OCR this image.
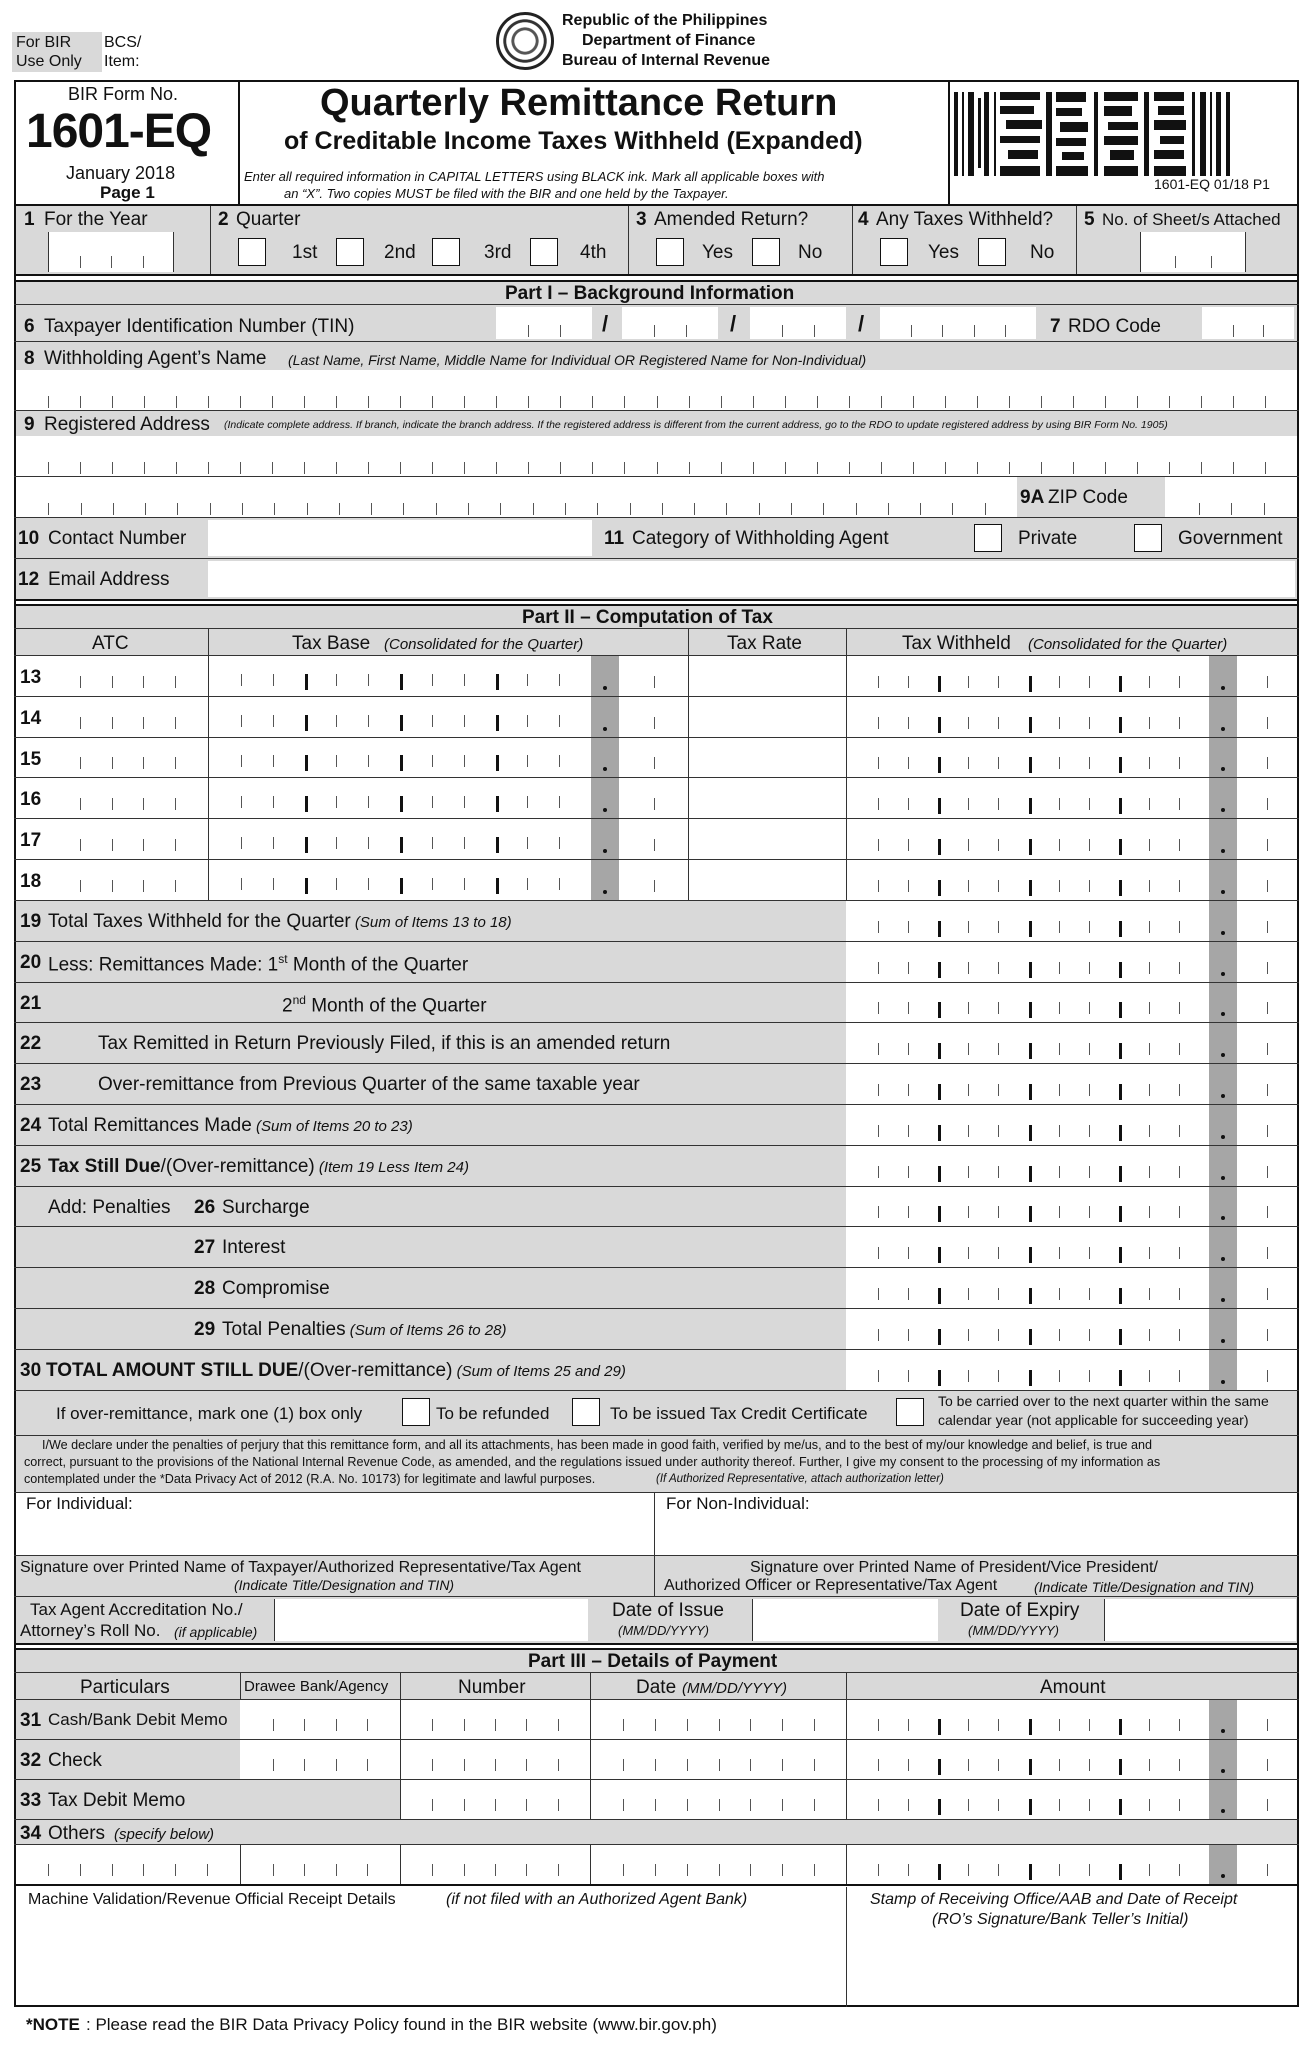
For BIR
Use Only
BCS/
Item:
Republic of the Philippines
Department of Finance
Bureau of Internal Revenue
BIR Form No.
1601-EQ
January 2018
Page 1
Quarterly Remittance Return
of Creditable Income Taxes Withheld (Expanded)
Enter all required information in CAPITAL LETTERS using BLACK ink. Mark all applicable boxes with
an “X”. Two copies MUST be filed with the BIR and one held by the Taxpayer.
1601-EQ 01/18 P1
1 For the Year	2 Quarter	3 Amended Return?	4 Any Taxes Withheld? 5 No. of Sheet/s Attached
1st	2nd	3rd	4th	Yes	No	Yes	No
Part I – Background Information
6 Taxpayer Identification Number (TIN)	/	/	/	7 RDO Code
8 Withholding Agent’s Name (Last Name, First Name, Middle Name for Individual OR Registered Name for Non-Individual)
9 Registered Address (Indicate complete address. If branch, indicate the branch address. If the registered address is different from the current address, go to the RDO to update registered address by using BIR Form No. 1905)
9A ZIP Code
10 Contact Number	11 Category of Withholding Agent	Private	Government
12 Email Address
Part II – Computation of Tax
ATC	Tax Base (Consolidated for the Quarter)	Tax Rate	Tax Withheld (Consolidated for the Quarter)
13
14
15
16
17
18
19 Total Taxes Withheld for the Quarter (Sum of Items 13 to 18)
20 Less: Remittances Made: 1st Month of the Quarter
21	2nd Month of the Quarter
22	Tax Remitted in Return Previously Filed, if this is an amended return
23	Over-remittance from Previous Quarter of the same taxable year
24 Total Remittances Made (Sum of Items 20 to 23)
25 Tax Still Due/(Over-remittance) (Item 19 Less Item 24)
Add: Penalties 26 Surcharge
27 Interest
28 Compromise
29 Total Penalties (Sum of Items 26 to 28)
30 TOTAL AMOUNT STILL DUE/(Over-remittance) (Sum of Items 25 and 29)
If over-remittance, mark one (1) box only	To be refunded	To be issued Tax Credit Certificate
To be carried over to the next quarter within the same
calendar year (not applicable for succeeding year)
I/We declare under the penalties of perjury that this remittance form, and all its attachments, has been made in good faith, verified by me/us, and to the best of my/our knowledge and belief, is true and
correct, pursuant to the provisions of the National Internal Revenue Code, as amended, and the regulations issued under authority thereof. Further, I give my consent to the processing of my information as
contemplated under the *Data Privacy Act of 2012 (R.A. No. 10173) for legitimate and lawful purposes.	(If Authorized Representative, attach authorization letter)
For Individual:	For Non-Individual:
Signature over Printed Name of Taxpayer/Authorized Representative/Tax Agent
(Indicate Title/Designation and TIN)
Signature over Printed Name of President/Vice President/
Authorized Officer or Representative/Tax Agent	(Indicate Title/Designation and TIN)
Tax Agent Accreditation No./
Attorney’s Roll No. (if applicable)
Date of Issue
(MM/DD/YYYY)
Date of Expiry
(MM/DD/YYYY)
Part III – Details of Payment
Particulars	Drawee Bank/Agency	Number	Date (MM/DD/YYYY)	Amount
31 Cash/Bank Debit Memo
32 Check
33 Tax Debit Memo
34 Others (specify below)
Machine Validation/Revenue Official Receipt Details	(if not filed with an Authorized Agent Bank)	Stamp of Receiving Office/AAB and Date of Receipt
(RO’s Signature/Bank Teller’s Initial)
*NOTE : Please read the BIR Data Privacy Policy found in the BIR website (www.bir.gov.ph)
